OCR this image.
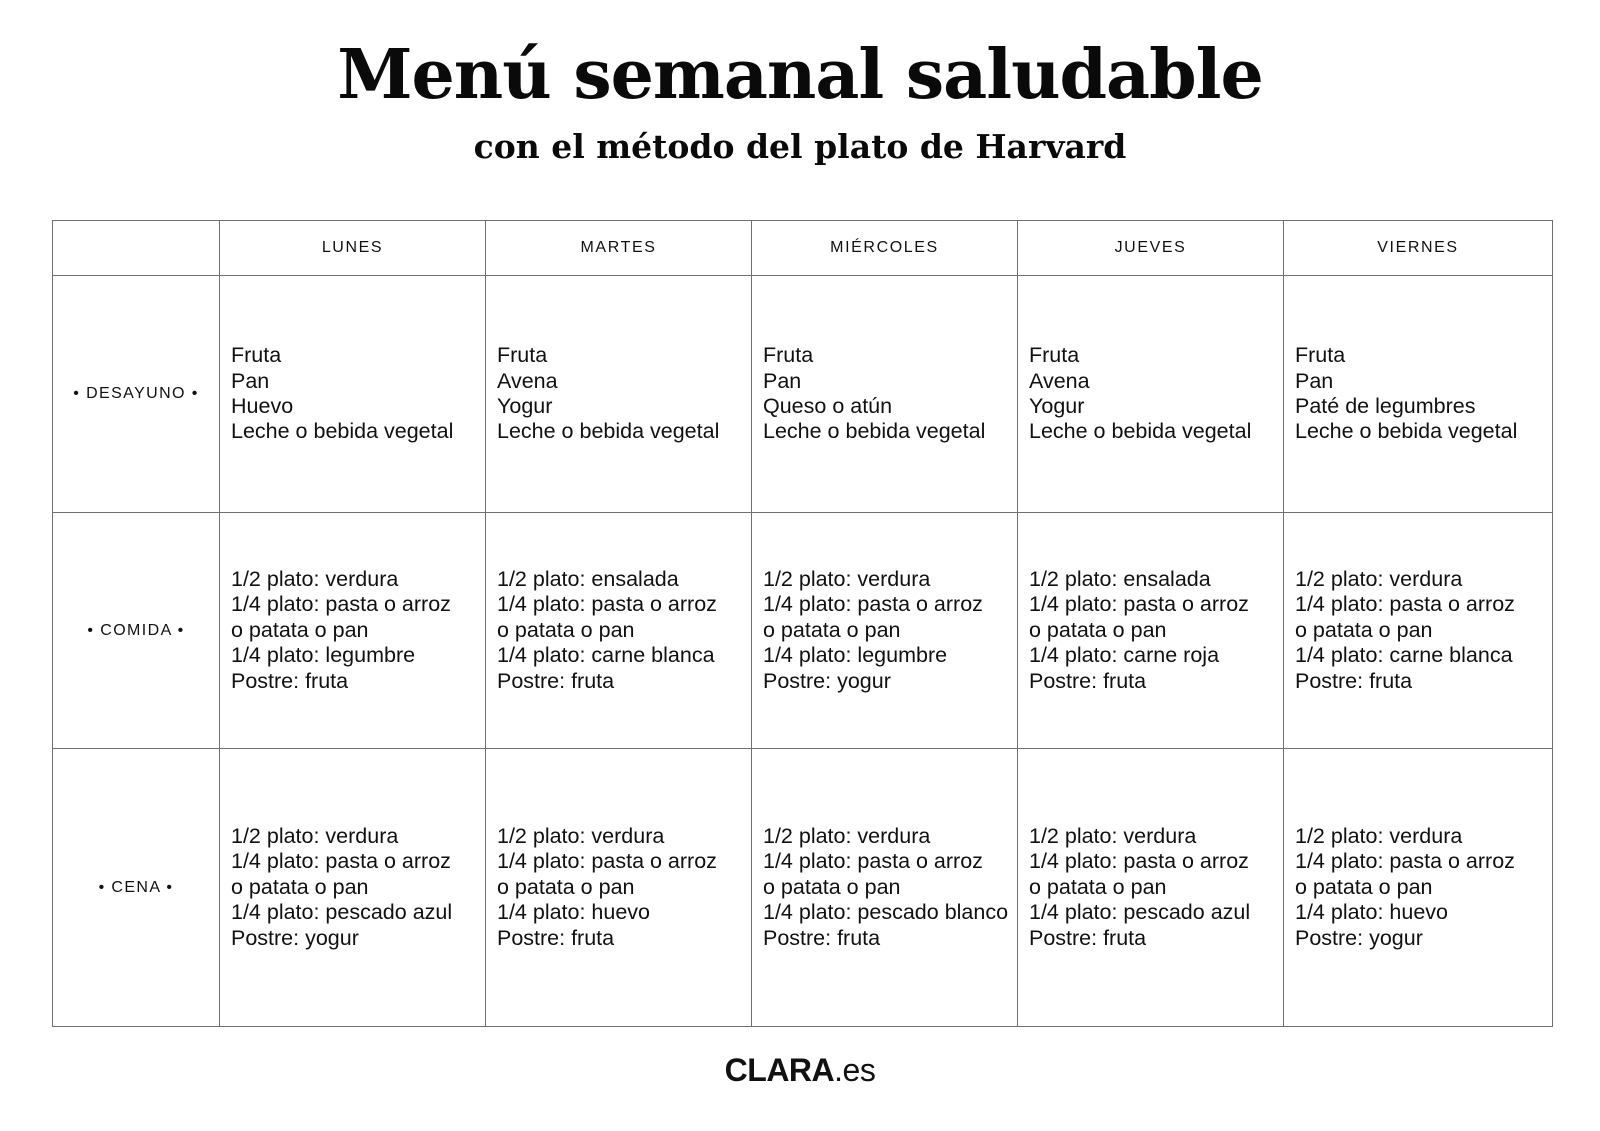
Menú semanal saludable
con el método del plato de Harvard
	LUNES	MARTES	MIÉRCOLES	JUEVES	VIERNES
• DESAYUNO •	Fruta
Pan
Huevo
Leche o bebida vegetal	Fruta
Avena
Yogur
Leche o bebida vegetal	Fruta
Pan
Queso o atún
Leche o bebida vegetal	Fruta
Avena
Yogur
Leche o bebida vegetal	Fruta
Pan
Paté de legumbres
Leche o bebida vegetal

• COMIDA •	1/2 plato: verdura
1/4 plato: pasta o arroz
o patata o pan
1/4 plato: legumbre
Postre: fruta	1/2 plato: ensalada
1/4 plato: pasta o arroz
o patata o pan
1/4 plato: carne blanca
Postre: fruta	1/2 plato: verdura
1/4 plato: pasta o arroz
o patata o pan
1/4 plato: legumbre
Postre: yogur	1/2 plato: ensalada
1/4 plato: pasta o arroz
o patata o pan
1/4 plato: carne roja
Postre: fruta	1/2 plato: verdura
1/4 plato: pasta o arroz
o patata o pan
1/4 plato: carne blanca
Postre: fruta

• CENA •	1/2 plato: verdura
1/4 plato: pasta o arroz
o patata o pan
1/4 plato: pescado azul
Postre: yogur	1/2 plato: verdura
1/4 plato: pasta o arroz
o patata o pan
1/4 plato: huevo
Postre: fruta	1/2 plato: verdura
1/4 plato: pasta o arroz
o patata o pan
1/4 plato: pescado blanco
Postre: fruta	1/2 plato: verdura
1/4 plato: pasta o arroz
o patata o pan
1/4 plato: pescado azul
Postre: fruta	1/2 plato: verdura
1/4 plato: pasta o arroz
o patata o pan
1/4 plato: huevo
Postre: yogur
CLARA.es
